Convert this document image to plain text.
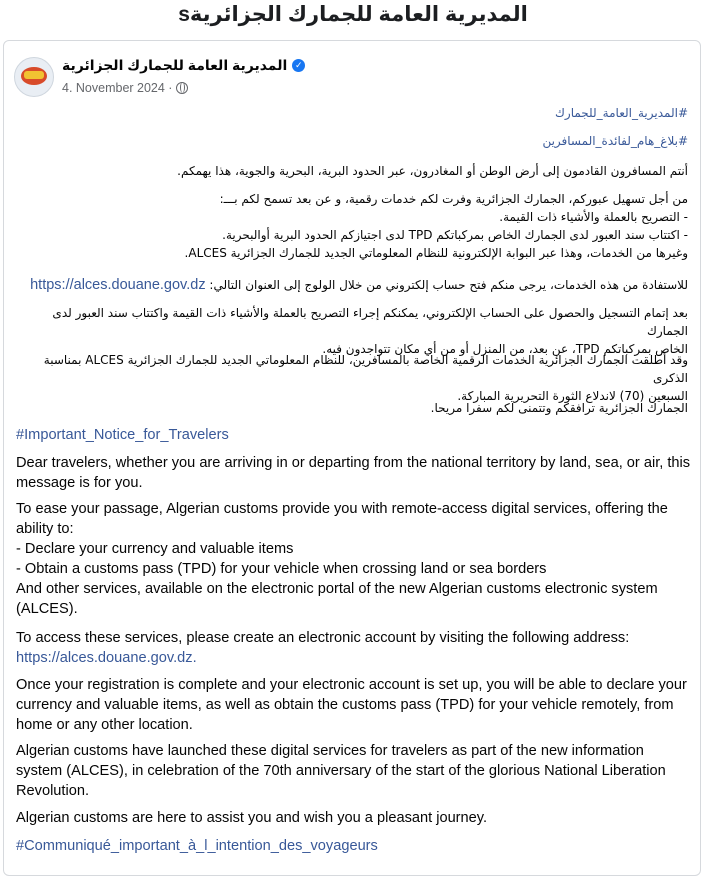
المديرية العامة للجمارك الجزائريةs
المديرية العامة للجمارك الجزائرية ✓
4. November 2024 ·
#المديرية_العامة_للجمارك
#بلاغ_هام_لفائدة_المسافرين
أنتم المسافرون القادمون إلى أرض الوطن أو المغادرون، عبر الحدود البرية، البحرية والجوية، هذا يهمكم.
من أجل تسهيل عبوركم، الجمارك الجزائرية وفرت لكم خدمات رقمية، و عن بعد تسمح لكم بـــ:
- التصريح بالعملة والأشياء ذات القيمة.
- اكتتاب سند العبور لدى الجمارك الخاص بمركباتكم TPD لدى اجتيازكم الحدود البرية أوالبحرية.
وغيرها من الخدمات، وهذا عبر البوابة الإلكترونية للنظام المعلوماتي الجديد للجمارك الجزائرية ALCES.
للاستفادة من هذه الخدمات، يرجى منكم فتح حساب إلكتروني من خلال الولوج إلى العنوان التالي: https://alces.douane.gov.dz
بعد إتمام التسجيل والحصول على الحساب الإلكتروني، يمكنكم إجراء التصريح بالعملة والأشياء ذات القيمة واكتتاب سند العبور لدى الجمارك
الخاص بمركباتكم TPD، عن بعد، من المنزل أو من أي مكان تتواجدون فيه.
وقد أطلقت الجمارك الجزائرية الخدمات الرقمية الخاصة بالمسافرين، للنظام المعلوماتي الجديد للجمارك الجزائرية ALCES بمناسبة الذكرى
السبعين (70) لاندلاع الثورة التحريرية المباركة.
الجمارك الجزائرية ترافقكم وتتمنى لكم سفرا مريحا.
#Important_Notice_for_Travelers
Dear travelers, whether you are arriving in or departing from the national territory by land, sea, or air, this message is for you.
To ease your passage, Algerian customs provide you with remote-access digital services, offering the ability to:
- Declare your currency and valuable items
- Obtain a customs pass (TPD) for your vehicle when crossing land or sea borders
And other services, available on the electronic portal of the new Algerian customs electronic system (ALCES).
To access these services, please create an electronic account by visiting the following address:
https://alces.douane.gov.dz.
Once your registration is complete and your electronic account is set up, you will be able to declare your currency and valuable items, as well as obtain the customs pass (TPD) for your vehicle remotely, from home or any other location.
Algerian customs have launched these digital services for travelers as part of the new information system (ALCES), in celebration of the 70th anniversary of the start of the glorious National Liberation Revolution.
Algerian customs are here to assist you and wish you a pleasant journey.
#Communiqué_important_à_l_intention_des_voyageurs
